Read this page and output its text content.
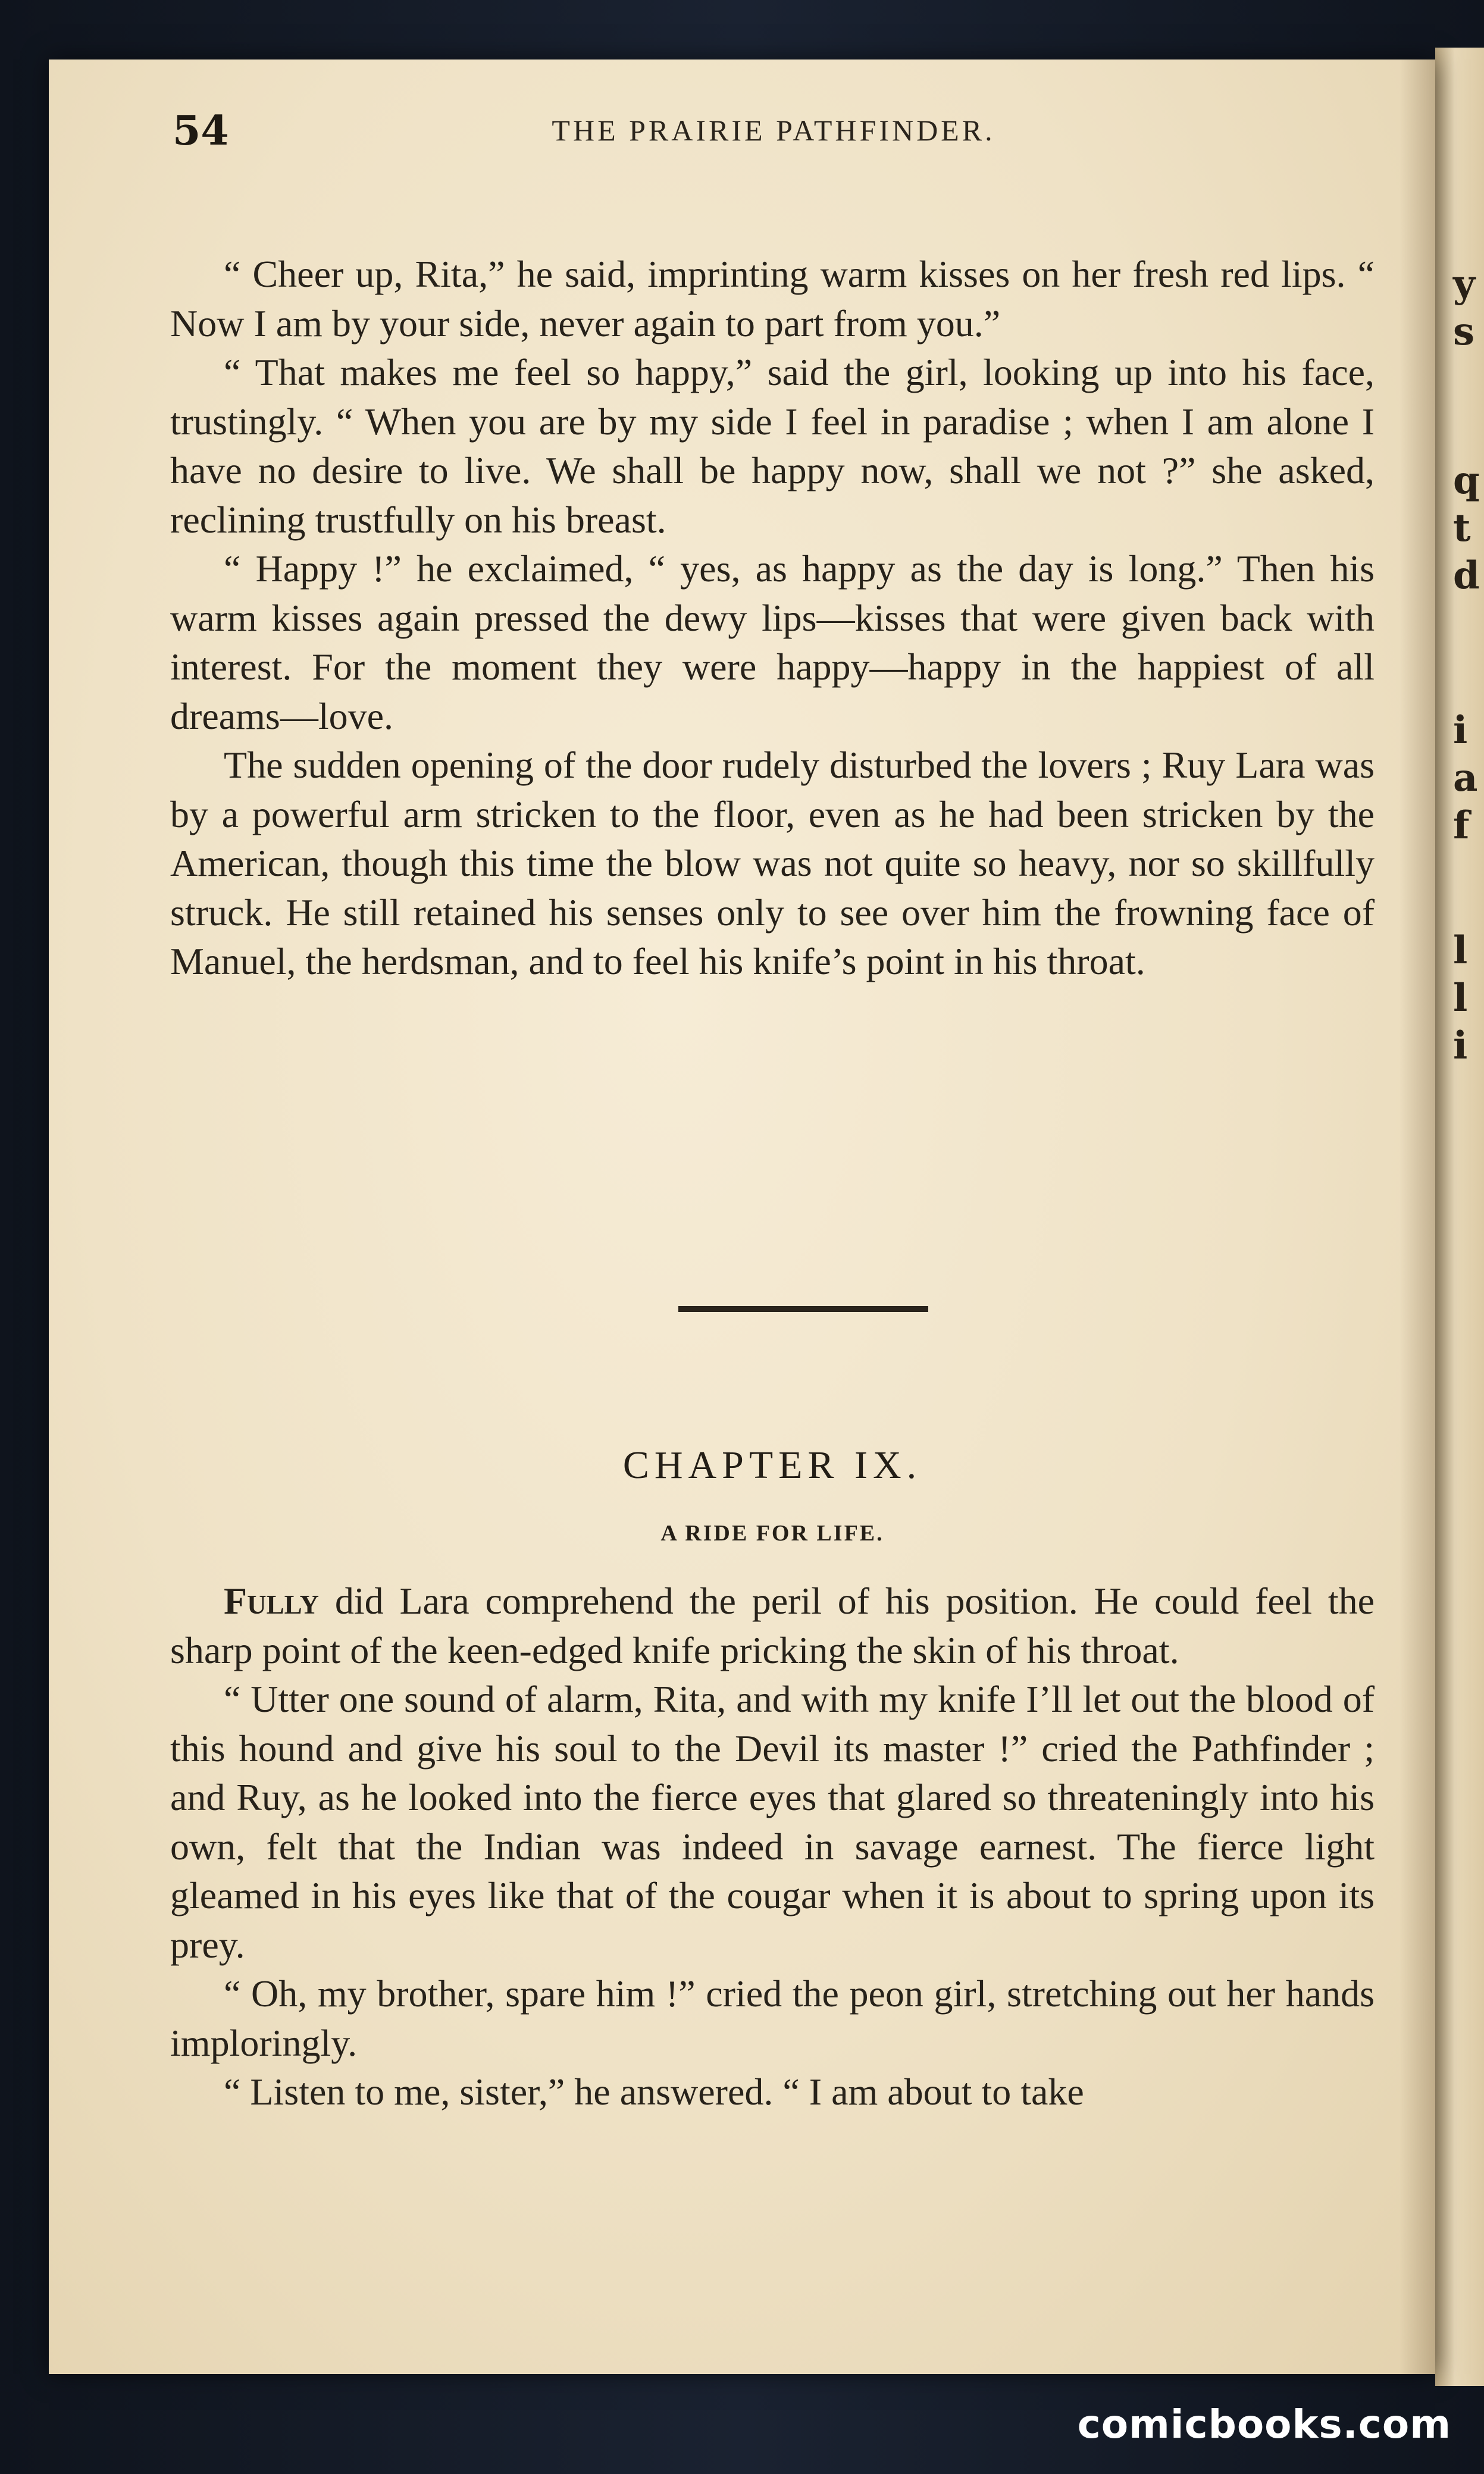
y
s
q
t
d
i
a
f
l
l
i
54	THE PRAIRIE PATHFINDER.

“ Cheer up, Rita,” he said, imprinting warm kisses on her fresh red lips. “ Now I am by your side, never again to part from you.”

“ That makes me feel so happy,” said the girl, looking up into his face, trustingly. “ When you are by my side I feel in paradise ; when I am alone I have no desire to live. We shall be happy now, shall we not ?” she asked, reclining trustfully on his breast.

“ Happy !” he exclaimed, “ yes, as happy as the day is long.” Then his warm kisses again pressed the dewy lips—kisses that were given back with interest. For the moment they were happy—happy in the happiest of all dreams—love.

The sudden opening of the door rudely disturbed the lovers ; Ruy Lara was by a powerful arm stricken to the floor, even as he had been stricken by the American, though this time the blow was not quite so heavy, nor so skillfully struck. He still retained his senses only to see over him the frowning face of Manuel, the herdsman, and to feel his knife’s point in his throat.

CHAPTER IX.
A RIDE FOR LIFE.

Fully did Lara comprehend the peril of his position. He could feel the sharp point of the keen-edged knife pricking the skin of his throat.

“ Utter one sound of alarm, Rita, and with my knife I’ll let out the blood of this hound and give his soul to the Devil its master !” cried the Pathfinder ; and Ruy, as he looked into the fierce eyes that glared so threateningly into his own, felt that the Indian was indeed in savage earnest. The fierce light gleamed in his eyes like that of the cougar when it is about to spring upon its prey.

“ Oh, my brother, spare him !” cried the peon girl, stretching out her hands imploringly.

“ Listen to me, sister,” he answered. “ I am about to take

comicbooks.com
